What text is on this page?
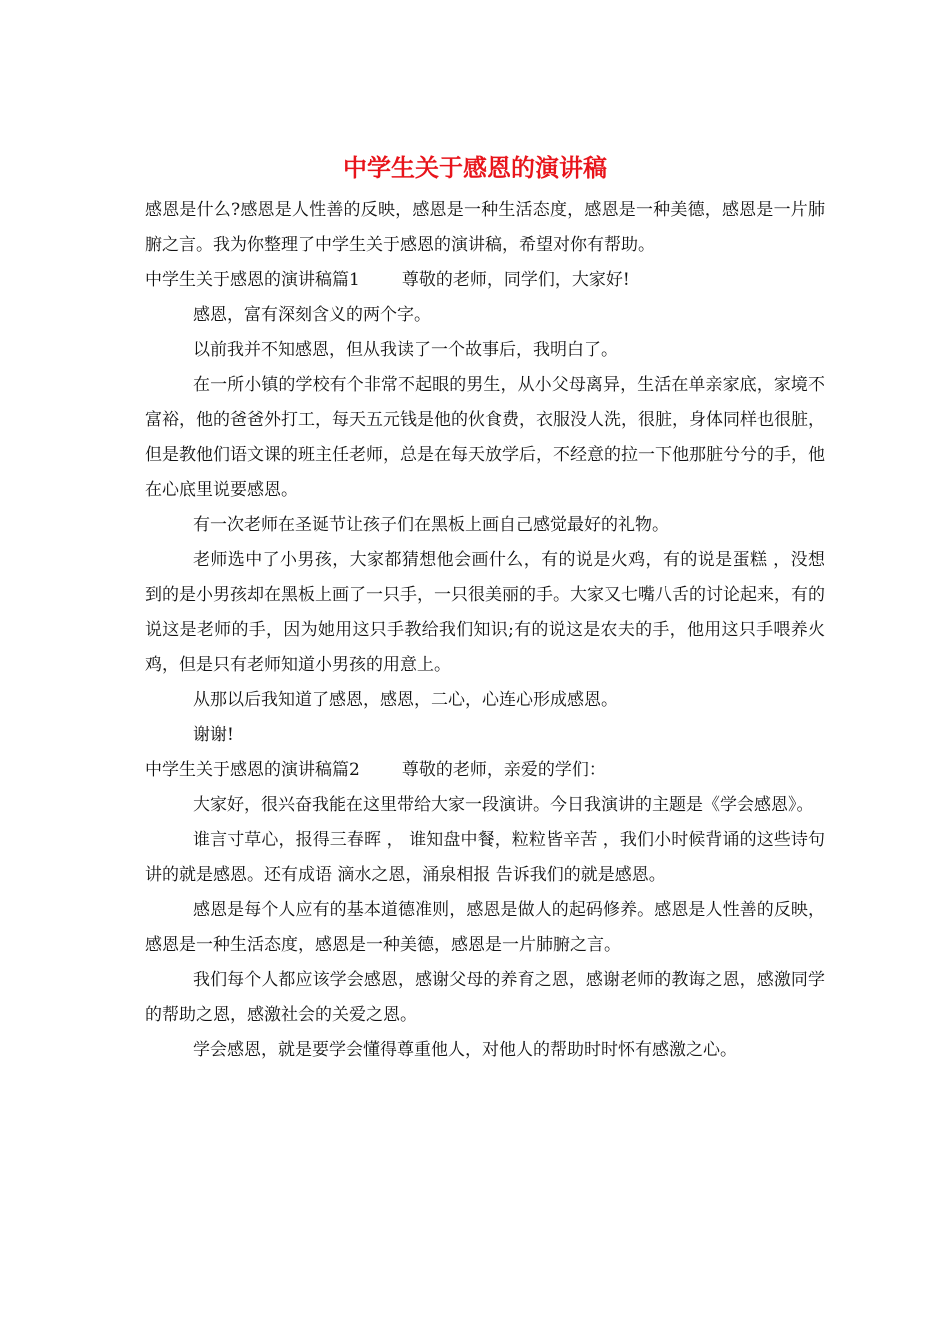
中学生关于感恩的演讲稿

感恩是什么?感恩是人性善的反映，感恩是一种生活态度，感恩是一种美德，感恩是一片肺腑之言。我为你整理了中学生关于感恩的演讲稿，希望对你有帮助。

中学生关于感恩的演讲稿篇1 尊敬的老师，同学们，大家好!

感恩，富有深刻含义的两个字。

以前我并不知感恩，但从我读了一个故事后，我明白了。

在一所小镇的学校有个非常不起眼的男生，从小父母离异，生活在单亲家底，家境不富裕，他的爸爸外打工，每天五元钱是他的伙食费，衣服没人洗，很脏，身体同样也很脏，但是教他们语文课的班主任老师，总是在每天放学后，不经意的拉一下他那脏兮兮的手，他在心底里说要感恩。

有一次老师在圣诞节让孩子们在黑板上画自己感觉最好的礼物。

老师选中了小男孩，大家都猜想他会画什么，有的说是火鸡，有的说是蛋糕 ，没想到的是小男孩却在黑板上画了一只手，一只很美丽的手。大家又七嘴八舌的讨论起来，有的说这是老师的手，因为她用这只手教给我们知识;有的说这是农夫的手，他用这只手喂养火鸡，但是只有老师知道小男孩的用意上。

从那以后我知道了感恩，感恩，二心，心连心形成感恩。

谢谢!

中学生关于感恩的演讲稿篇2 尊敬的老师，亲爱的学们：

大家好，很兴奋我能在这里带给大家一段演讲。今日我演讲的主题是《学会感恩》。

谁言寸草心，报得三春晖 ， 谁知盘中餐，粒粒皆辛苦 ，我们小时候背诵的这些诗句讲的就是感恩。还有成语 滴水之恩，涌泉相报 告诉我们的就是感恩。

感恩是每个人应有的基本道德准则，感恩是做人的起码修养。感恩是人性善的反映，感恩是一种生活态度，感恩是一种美德，感恩是一片肺腑之言。

我们每个人都应该学会感恩，感谢父母的养育之恩，感谢老师的教诲之恩，感激同学的帮助之恩，感激社会的关爱之恩。

学会感恩，就是要学会懂得尊重他人，对他人的帮助时时怀有感激之心。
